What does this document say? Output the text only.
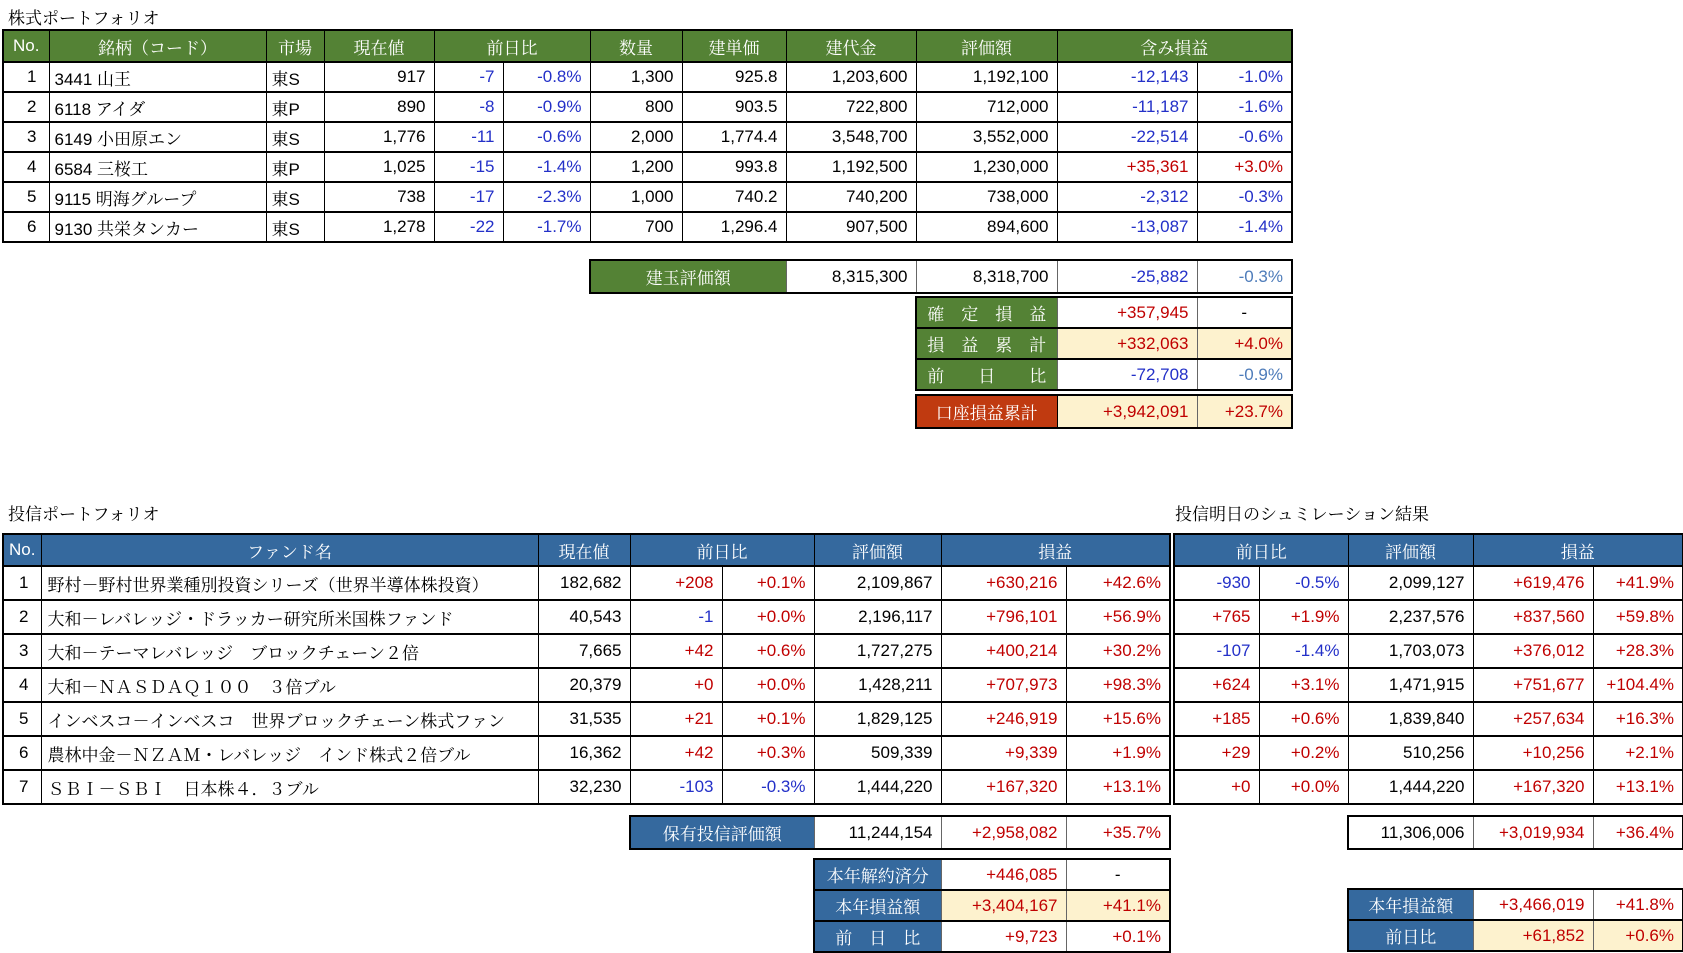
株式ポートフォリオ
No.	銘柄（コード）	市場	現在値	前日比		数量	建単価	建代金	評価額	含み損益	
1	3441 山王	東S	917	-7	-0.8%	1,300	925.8	1,203,600	1,192,100	-12,143	-1.0%
2	6118 アイダ	東P	890	-8	-0.9%	800	903.5	722,800	712,000	-11,187	-1.6%
3	6149 小田原エン	東S	1,776	-11	-0.6%	2,000	1,774.4	3,548,700	3,552,000	-22,514	-0.6%
4	6584 三桜工	東P	1,025	-15	-1.4%	1,200	993.8	1,192,500	1,230,000	+35,361	+3.0%
5	9115 明海グループ	東S	738	-17	-2.3%	1,000	740.2	740,200	738,000	-2,312	-0.3%
6	9130 共栄タンカー	東S	1,278	-22	-1.7%	700	1,296.4	907,500	894,600	-13,087	-1.4%
建玉評価額	8,315,300	8,318,700	-25,882	-0.3%
確　定　損　益	+357,945	-
損　益　累　計	+332,063	+4.0%
前　　日　　比	-72,708	-0.9%
口座損益累計	+3,942,091	+23.7%
投信ポートフォリオ
No.	ファンド名	現在値	前日比		評価額	損益	
1	野村－野村世界業種別投資シリーズ（世界半導体株投資）	182,682	+208	+0.1%	2,109,867	+630,216	+42.6%
2	大和－レバレッジ・ドラッカー研究所米国株ファンド	40,543	-1	+0.0%	2,196,117	+796,101	+56.9%
3	大和－テーマレバレッジ　ブロックチェーン２倍	7,665	+42	+0.6%	1,727,275	+400,214	+30.2%
4	大和－ＮＡＳＤＡＱ１００　３倍ブル	20,379	+0	+0.0%	1,428,211	+707,973	+98.3%
5	インベスコ－インベスコ　世界ブロックチェーン株式ファン	31,535	+21	+0.1%	1,829,125	+246,919	+15.6%
6	農林中金－ＮＺＡＭ・レバレッジ　インド株式２倍ブル	16,362	+42	+0.3%	509,339	+9,339	+1.9%
7	ＳＢＩ－ＳＢＩ　日本株４．３ブル	32,230	-103	-0.3%	1,444,220	+167,320	+13.1%
保有投信評価額	11,244,154	+2,958,082	+35.7%
本年解約済分	+446,085	-
本年損益額	+3,404,167	+41.1%
前　日　比	+9,723	+0.1%
投信明日のシュミレーション結果
前日比		評価額	損益	
-930	-0.5%	2,099,127	+619,476	+41.9%
+765	+1.9%	2,237,576	+837,560	+59.8%
-107	-1.4%	1,703,073	+376,012	+28.3%
+624	+3.1%	1,471,915	+751,677	+104.4%
+185	+0.6%	1,839,840	+257,634	+16.3%
+29	+0.2%	510,256	+10,256	+2.1%
+0	+0.0%	1,444,220	+167,320	+13.1%
11,306,006	+3,019,934	+36.4%
本年損益額	+3,466,019	+41.8%
前日比	+61,852	+0.6%
